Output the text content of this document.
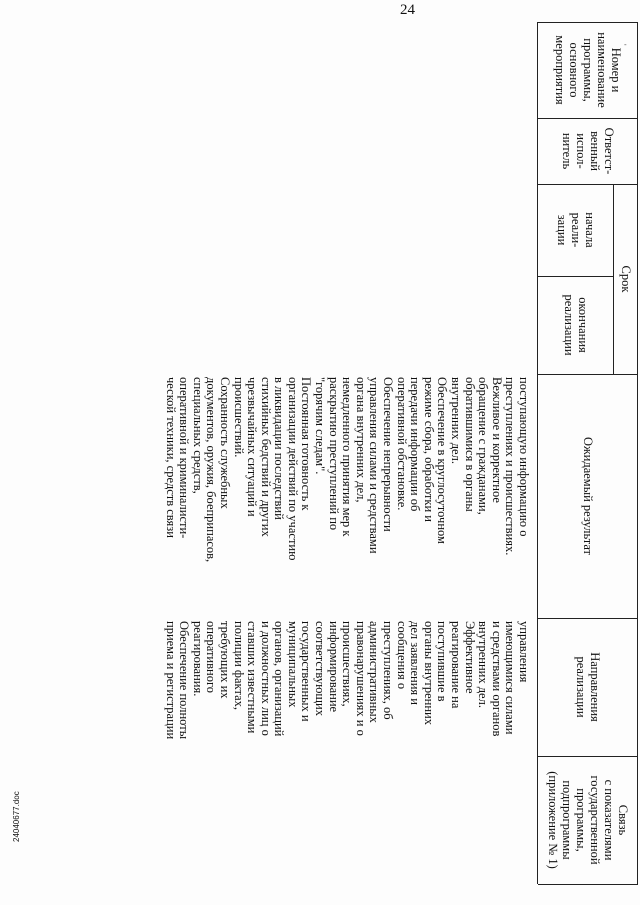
24
-
24040677.doc
Номер и наименование
программы,
основного мероприятия
Ответст-
венный
испол-
нитель
Срок
начала
реали-
зации
окончания
реализации
Ожидаемый результат
Направления
реализации
Связь
с показателями
государственной
программы,
подпрограммы
(приложение № 1)
поступающую информацию о
преступлениях и происшествиях.
Вежливое и корректное
обращение с гражданами,
обратившимися в органы
внутренних дел.
Обеспечение в круглосуточном
режиме сбора, обработки и
передачи информации об
оперативной обстановке.
Обеспечение непрерывности
управления силами и средствами
органа внутренних дел,
немедленного принятия мер к
раскрытию преступлений по
"горячим следам".
Постоянная готовность к
организации действий по участию
в ликвидации последствий
стихийных бедствий и других
чрезвычайных ситуаций и
происшествий.
Сохранность служебных
документов, оружия, боеприпасов,
специальных средств,
оперативной и криминалисти-
ческой техники, средств связи
управления
имеющимися силами
и средствами органов
внутренних дел.
Эффективное
реагирование на
поступившие в
органы внутренних
дел заявления и
сообщения о
преступлениях, об
административных
правонарушениях и о
происшествиях,
информирование
соответствующих
государственных и
муниципальных
органов, организаций
и должностных лиц о
ставших известными
полиции фактах,
требующих их
оперативного
реагирования.
Обеспечение полноты
приема и регистрации
